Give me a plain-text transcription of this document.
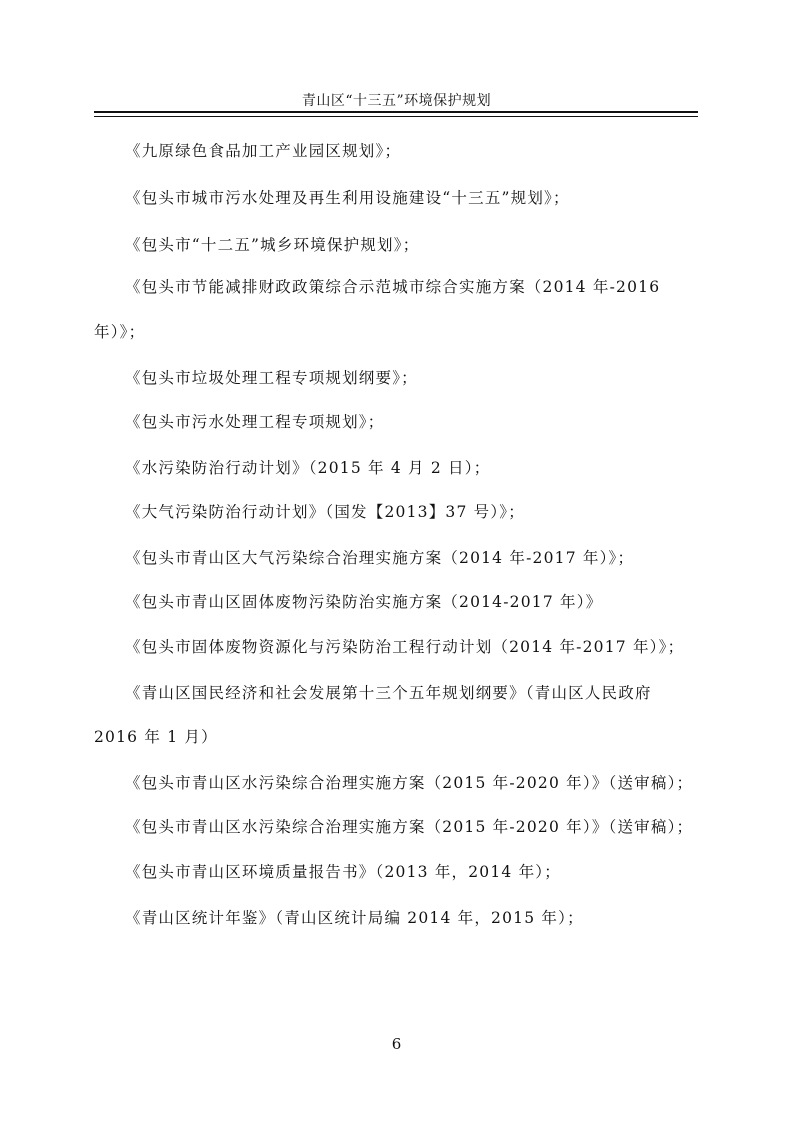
青山区“十三五”环境保护规划
《九原绿色食品加工产业园区规划》；
《包头市城市污水处理及再生利用设施建设“十三五”规划》；
《包头市“十二五”城乡环境保护规划》；
《包头市节能减排财政政策综合示范城市综合实施方案（2014 年-2016
年）》；
《包头市垃圾处理工程专项规划纲要》；
《包头市污水处理工程专项规划》；
《水污染防治行动计划》（2015 年 4 月 2 日）；
《大气污染防治行动计划》（国发【2013】37 号）》；
《包头市青山区大气污染综合治理实施方案（2014 年-2017 年）》；
《包头市青山区固体废物污染防治实施方案（2014-2017 年）》
《包头市固体废物资源化与污染防治工程行动计划（2014 年-2017 年）》；
《青山区国民经济和社会发展第十三个五年规划纲要》（青山区人民政府
2016 年 1 月）
《包头市青山区水污染综合治理实施方案（2015 年-2020 年）》（送审稿）；
《包头市青山区水污染综合治理实施方案（2015 年-2020 年）》（送审稿）；
《包头市青山区环境质量报告书》（2013 年，2014 年）；
《青山区统计年鉴》（青山区统计局编 2014 年，2015 年）；
6
